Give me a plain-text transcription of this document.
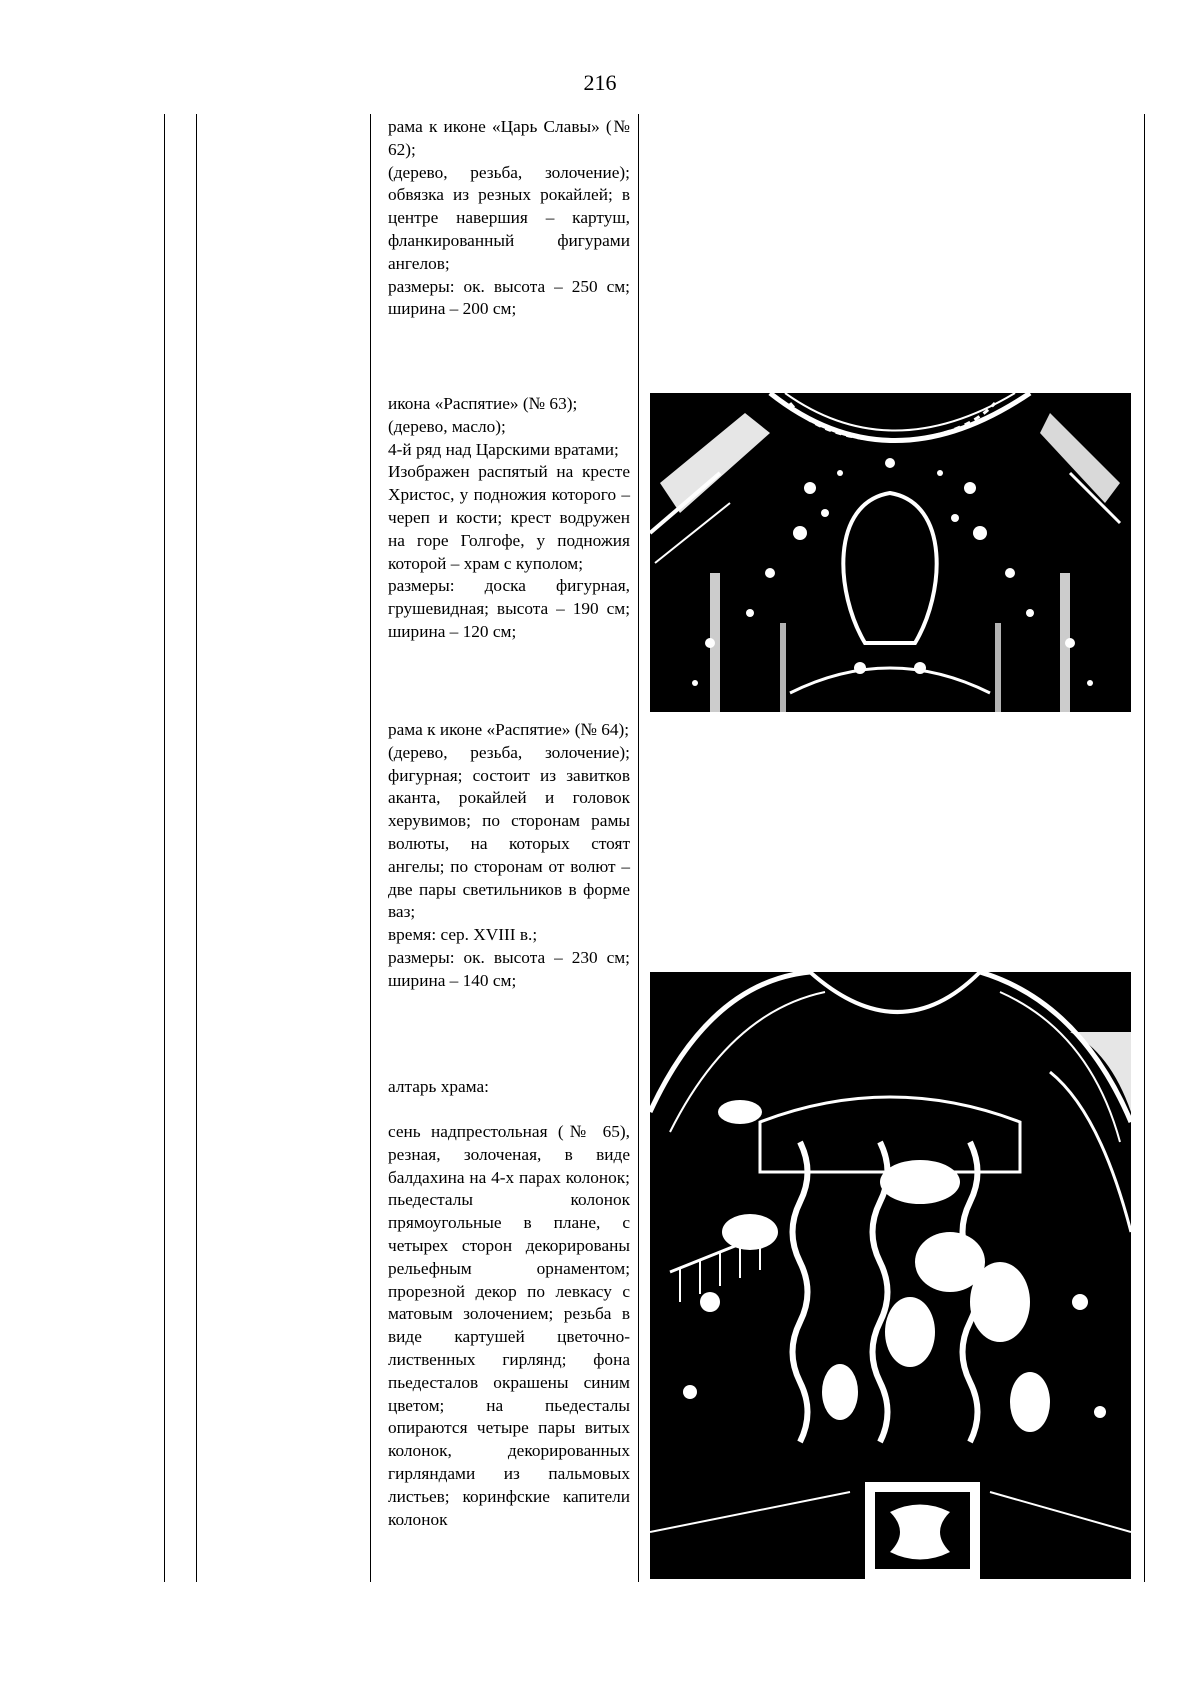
216

рама к иконе «Царь Славы» (№ 62);

(дерево, резьба, золочение); обвязка из резных рокайлей; в центре навершия – картуш, фланкированный фигурами ангелов;

размеры: ок. высота – 250 см; ширина – 200 см;

икона «Распятие» (№ 63);

(дерево, масло);

4-й ряд над Царскими вратами;

Изображен распятый на кресте Христос, у подножия которого – череп и кости; крест водружен на горе Голгофе, у подножия которой – храм с куполом;

размеры: доска фигурная, грушевидная; высота – 190 см; ширина – 120 см;

рама к иконе «Распятие» (№ 64);

(дерево, резьба, золочение); фигурная; состоит из завитков аканта, рокайлей и головок херувимов; по сторонам рамы волюты, на которых стоят ангелы; по сторонам от волют – две пары светильников в форме ваз;

время: сер. XVIII в.;

размеры: ок. высота – 230 см; ширина – 140 см;

алтарь храма:

сень надпрестольная (№ 65), резная, золоченая, в виде балдахина на 4-х парах колонок; пьедесталы колонок прямоугольные в плане, с четырех сторон декорированы рельефным орнаментом; прорезной декор по левкасу с матовым золочением; резьба в виде картушей цветочно-лиственных гирлянд; фона пьедесталов окрашены синим цветом; на пьедесталы опираются четыре пары витых колонок, декорированных гирляндами из пальмовых листьев; коринфские капители колонок
